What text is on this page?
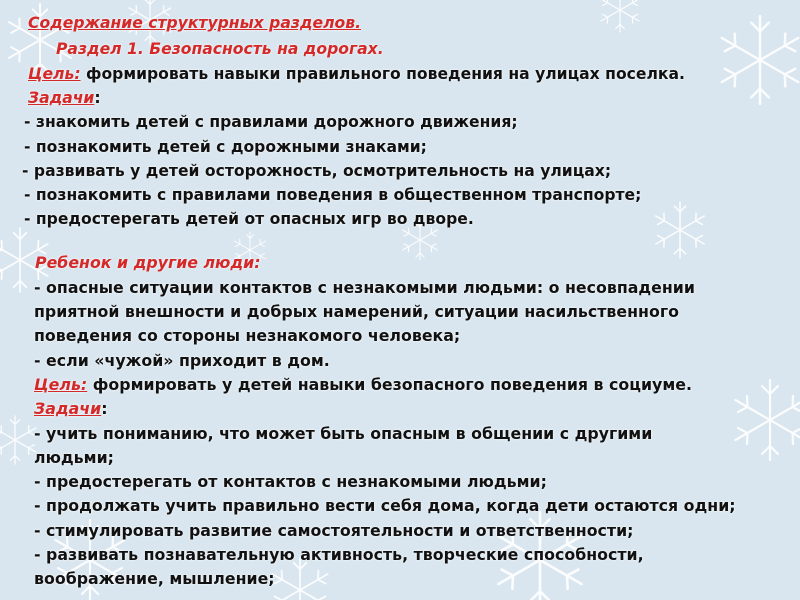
Содержание структурных разделов.

Раздел 1. Безопасность на дорогах.

Цель: формировать навыки правильного поведения на улицах поселка.

Задачи:

- знакомить детей с правилами дорожного движения;

- познакомить детей с дорожными знаками;

- развивать у детей осторожность, осмотрительность на улицах;

- познакомить с правилами поведения в общественном транспорте;

- предостерегать детей от опасных игр во дворе.

Ребенок и другие люди:

- опасные ситуации контактов с незнакомыми людьми: о несовпадении

приятной внешности и добрых намерений, ситуации насильственного

поведения со стороны незнакомого человека;

- если «чужой» приходит в дом.

Цель: формировать у детей навыки безопасного поведения в социуме.

Задачи:

- учить пониманию, что может быть опасным в общении с другими

людьми;

- предостерегать от контактов с незнакомыми людьми;

- продолжать учить правильно вести себя дома, когда дети остаются одни;

- стимулировать развитие самостоятельности и ответственности;

- развивать познавательную активность, творческие способности,

воображение, мышление;
